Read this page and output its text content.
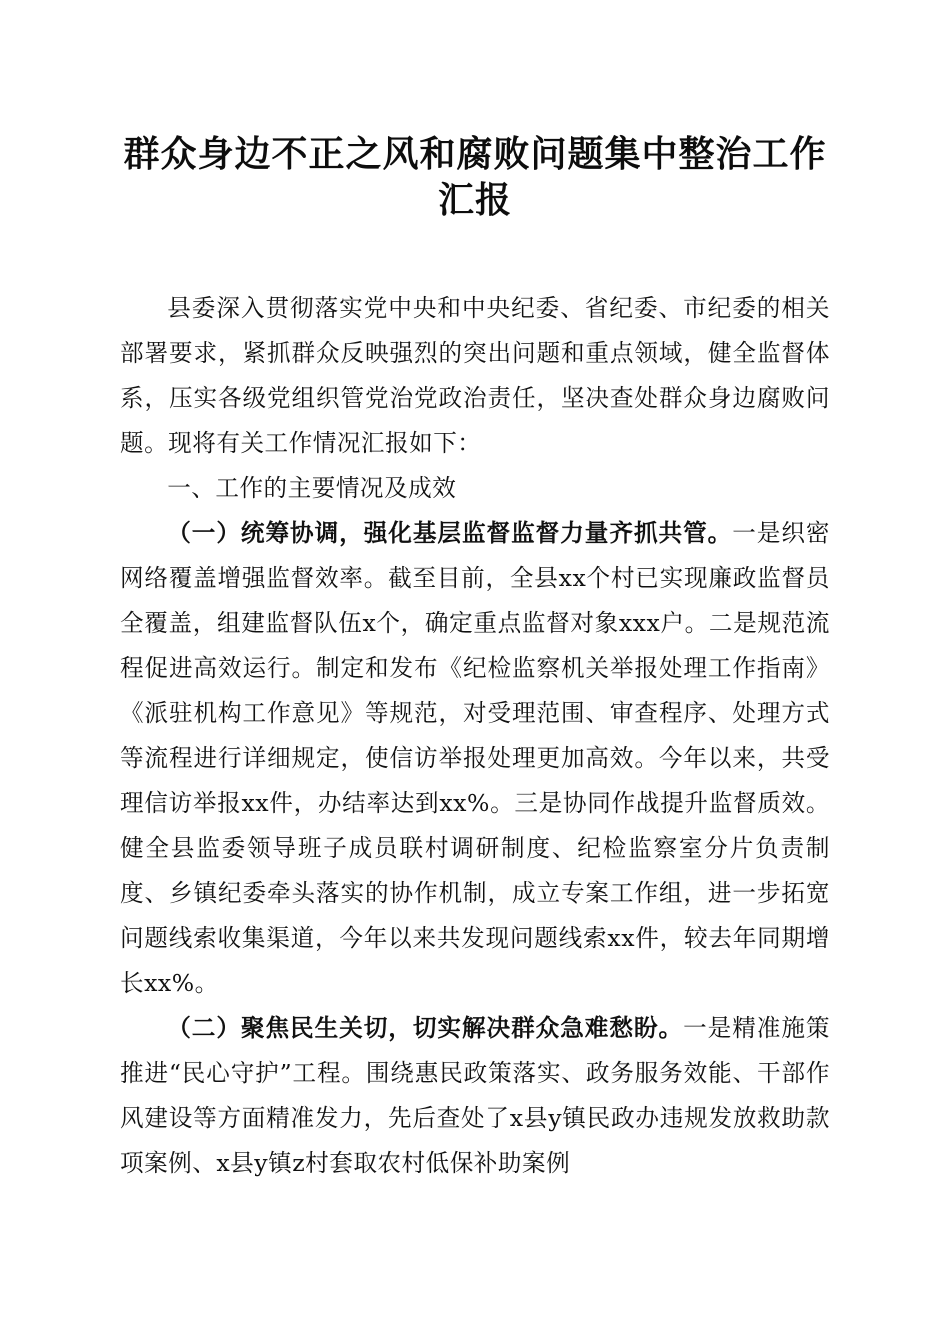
群众身边不正之风和腐败问题集中整治工作汇报

县委深入贯彻落实党中央和中央纪委、省纪委、市纪委的相关部署要求，紧抓群众反映强烈的突出问题和重点领域，健全监督体系，压实各级党组织管党治党政治责任，坚决查处群众身边腐败问题。现将有关工作情况汇报如下：

一、工作的主要情况及成效

（一）统筹协调，强化基层监督监督力量齐抓共管。一是织密网络覆盖增强监督效率。截至目前，全县xx个村已实现廉政监督员全覆盖，组建监督队伍x个，确定重点监督对象xxx户。二是规范流程促进高效运行。制定和发布《纪检监察机关举报处理工作指南》《派驻机构工作意见》等规范，对受理范围、审查程序、处理方式等流程进行详细规定，使信访举报处理更加高效。今年以来，共受理信访举报xx件，办结率达到xx%。三是协同作战提升监督质效。健全县监委领导班子成员联村调研制度、纪检监察室分片负责制度、乡镇纪委牵头落实的协作机制，成立专案工作组，进一步拓宽问题线索收集渠道，今年以来共发现问题线索xx件，较去年同期增长xx%。

（二）聚焦民生关切，切实解决群众急难愁盼。一是精准施策推进“民心守护”工程。围绕惠民政策落实、政务服务效能、干部作风建设等方面精准发力，先后查处了x县y镇民政办违规发放救助款项案例、x县y镇z村套取农村低保补助案例
